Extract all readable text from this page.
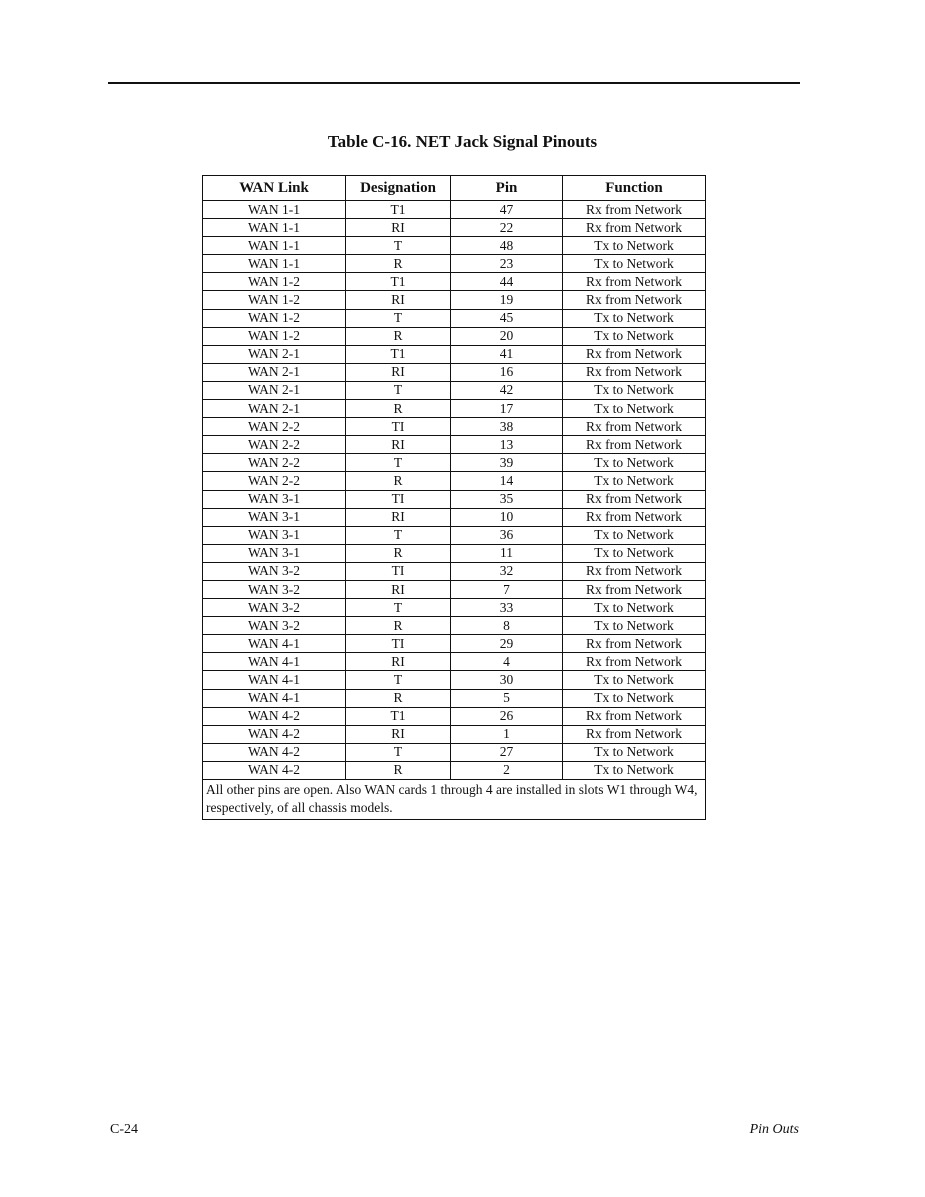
Table C-16. NET Jack Signal Pinouts
WAN Link	Designation	Pin	Function
WAN 1-1	T1	47	Rx from Network
WAN 1-1	RI	22	Rx from Network
WAN 1-1	T	48	Tx to Network
WAN 1-1	R	23	Tx to Network
WAN 1-2	T1	44	Rx from Network
WAN 1-2	RI	19	Rx from Network
WAN 1-2	T	45	Tx to Network
WAN 1-2	R	20	Tx to Network
WAN 2-1	T1	41	Rx from Network
WAN 2-1	RI	16	Rx from Network
WAN 2-1	T	42	Tx to Network
WAN 2-1	R	17	Tx to Network
WAN 2-2	TI	38	Rx from Network
WAN 2-2	RI	13	Rx from Network
WAN 2-2	T	39	Tx to Network
WAN 2-2	R	14	Tx to Network
WAN 3-1	TI	35	Rx from Network
WAN 3-1	RI	10	Rx from Network
WAN 3-1	T	36	Tx to Network
WAN 3-1	R	11	Tx to Network
WAN 3-2	TI	32	Rx from Network
WAN 3-2	RI	7	Rx from Network
WAN 3-2	T	33	Tx to Network
WAN 3-2	R	8	Tx to Network
WAN 4-1	TI	29	Rx from Network
WAN 4-1	RI	4	Rx from Network
WAN 4-1	T	30	Tx to Network
WAN 4-1	R	5	Tx to Network
WAN 4-2	T1	26	Rx from Network
WAN 4-2	RI	1	Rx from Network
WAN 4-2	T	27	Tx to Network
WAN 4-2	R	2	Tx to Network
All other pins are open. Also WAN cards 1 through 4 are installed in slots W1 through W4, respectively, of all chassis models.			
C-24	Pin Outs
